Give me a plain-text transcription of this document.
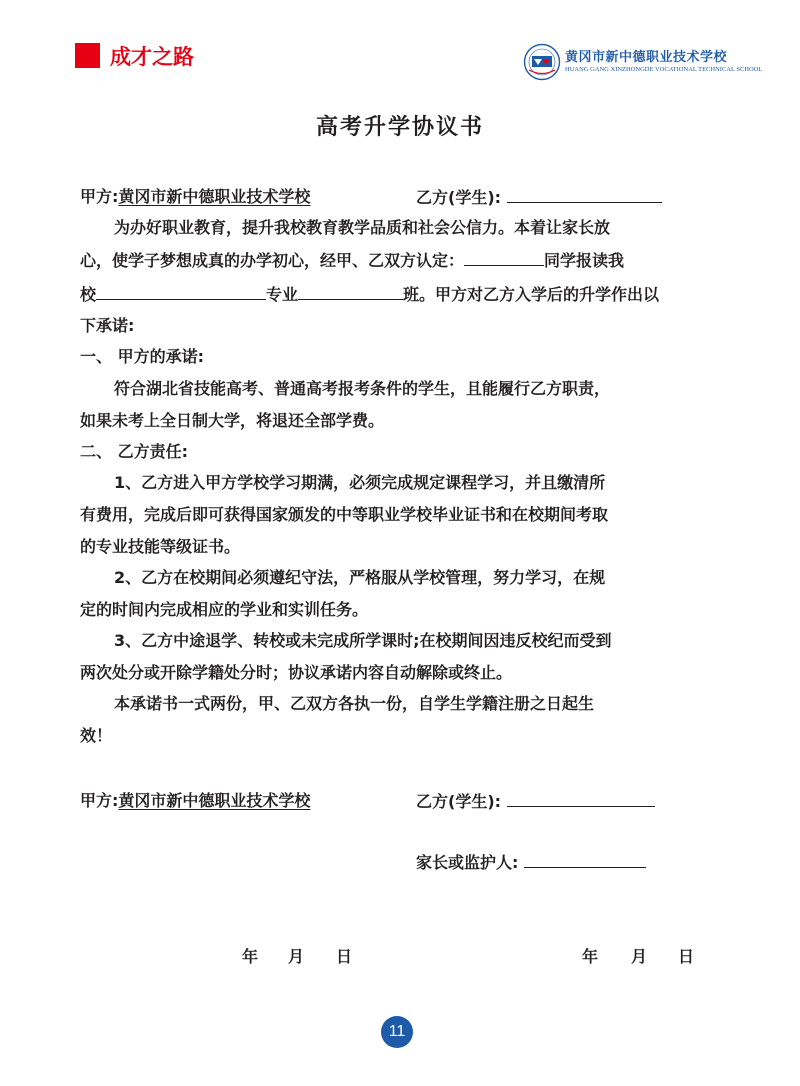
成才之路	黄冈市新中德职业技术学校
HUANG GANG XINZHONGDE VOCATIONAL TECHNICAL SCHOOL
高考升学协议书
甲方:黄冈市新中德职业技术学校	乙方(学生):
为办好职业教育，提升我校教育教学品质和社会公信力。本着让家长放
心，使学子梦想成真的办学初心，经甲、乙双方认定：	同学报读我
校	专业	班。甲方对乙方入学后的升学作出以
下承诺:
一、 甲方的承诺:
符合湖北省技能高考、普通高考报考条件的学生，且能履行乙方职责，
如果未考上全日制大学，将退还全部学费。
二、 乙方责任:
1、乙方进入甲方学校学习期满，必须完成规定课程学习，并且缴清所
有费用，完成后即可获得国家颁发的中等职业学校毕业证书和在校期间考取
的专业技能等级证书。
2、乙方在校期间必须遵纪守法，严格服从学校管理，努力学习，在规
定的时间内完成相应的学业和实训任务。
3、乙方中途退学、转校或未完成所学课时;在校期间因违反校纪而受到
两次处分或开除学籍处分时；协议承诺内容自动解除或终止。
本承诺书一式两份，甲、乙双方各执一份，自学生学籍注册之日起生
效！
甲方:黄冈市新中德职业技术学校	乙方(学生):
家长或监护人:
年 月 日	年 月 日
11
